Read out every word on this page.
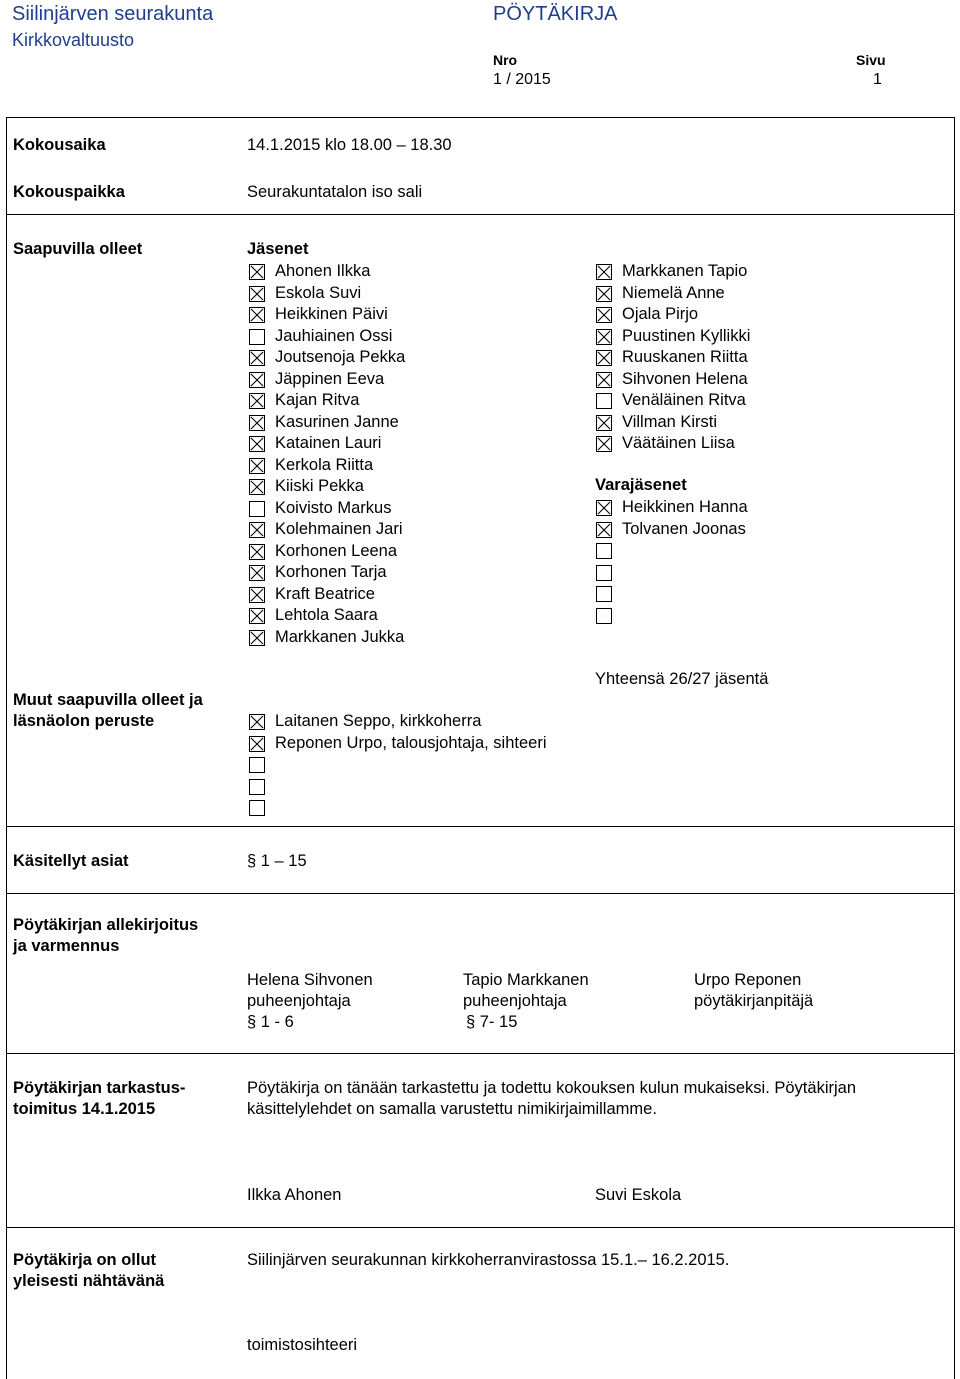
Siilinjärven seurakunta
Kirkkovaltuusto
PÖYTÄKIRJA
Nro
1 / 2015
Sivu
1
Kokousaika	14.1.2015 klo 18.00 – 18.30
Kokouspaikka	Seurakuntatalon iso sali
Saapuvilla olleet	Jäsenet
Ahonen Ilkka
Eskola Suvi
Heikkinen Päivi
Jauhiainen Ossi
Joutsenoja Pekka
Jäppinen Eeva
Kajan Ritva
Kasurinen Janne
Katainen Lauri
Kerkola Riitta
Kiiski Pekka
Koivisto Markus
Kolehmainen Jari
Korhonen Leena
Korhonen Tarja
Kraft Beatrice
Lehtola Saara
Markkanen Jukka
Markkanen Tapio
Niemelä Anne
Ojala Pirjo
Puustinen Kyllikki
Ruuskanen Riitta
Sihvonen Helena
Venäläinen Ritva
Villman Kirsti
Väätäinen Liisa
Varajäsenet
Heikkinen Hanna
Tolvanen Joonas
Yhteensä 26/27 jäsentä
Muut saapuvilla olleet ja
läsnäolon peruste	Laitanen Seppo, kirkkoherra
Reponen Urpo, talousjohtaja, sihteeri
Käsitellyt asiat	§ 1 – 15
Pöytäkirjan allekirjoitus
ja varmennus
Helena Sihvonen
puheenjohtaja
§ 1 - 6
Tapio Markkanen
puheenjohtaja
§ 7- 15
Urpo Reponen
pöytäkirjanpitäjä
Pöytäkirjan tarkastus-
toimitus 14.1.2015
Pöytäkirja on tänään tarkastettu ja todettu kokouksen kulun mukaiseksi. Pöytäkirjan
käsittelylehdet on samalla varustettu nimikirjaimillamme.
Ilkka Ahonen	Suvi Eskola
Pöytäkirja on ollut
yleisesti nähtävänä
Siilinjärven seurakunnan kirkkoherranvirastossa 15.1.– 16.2.2015.
toimistosihteeri
